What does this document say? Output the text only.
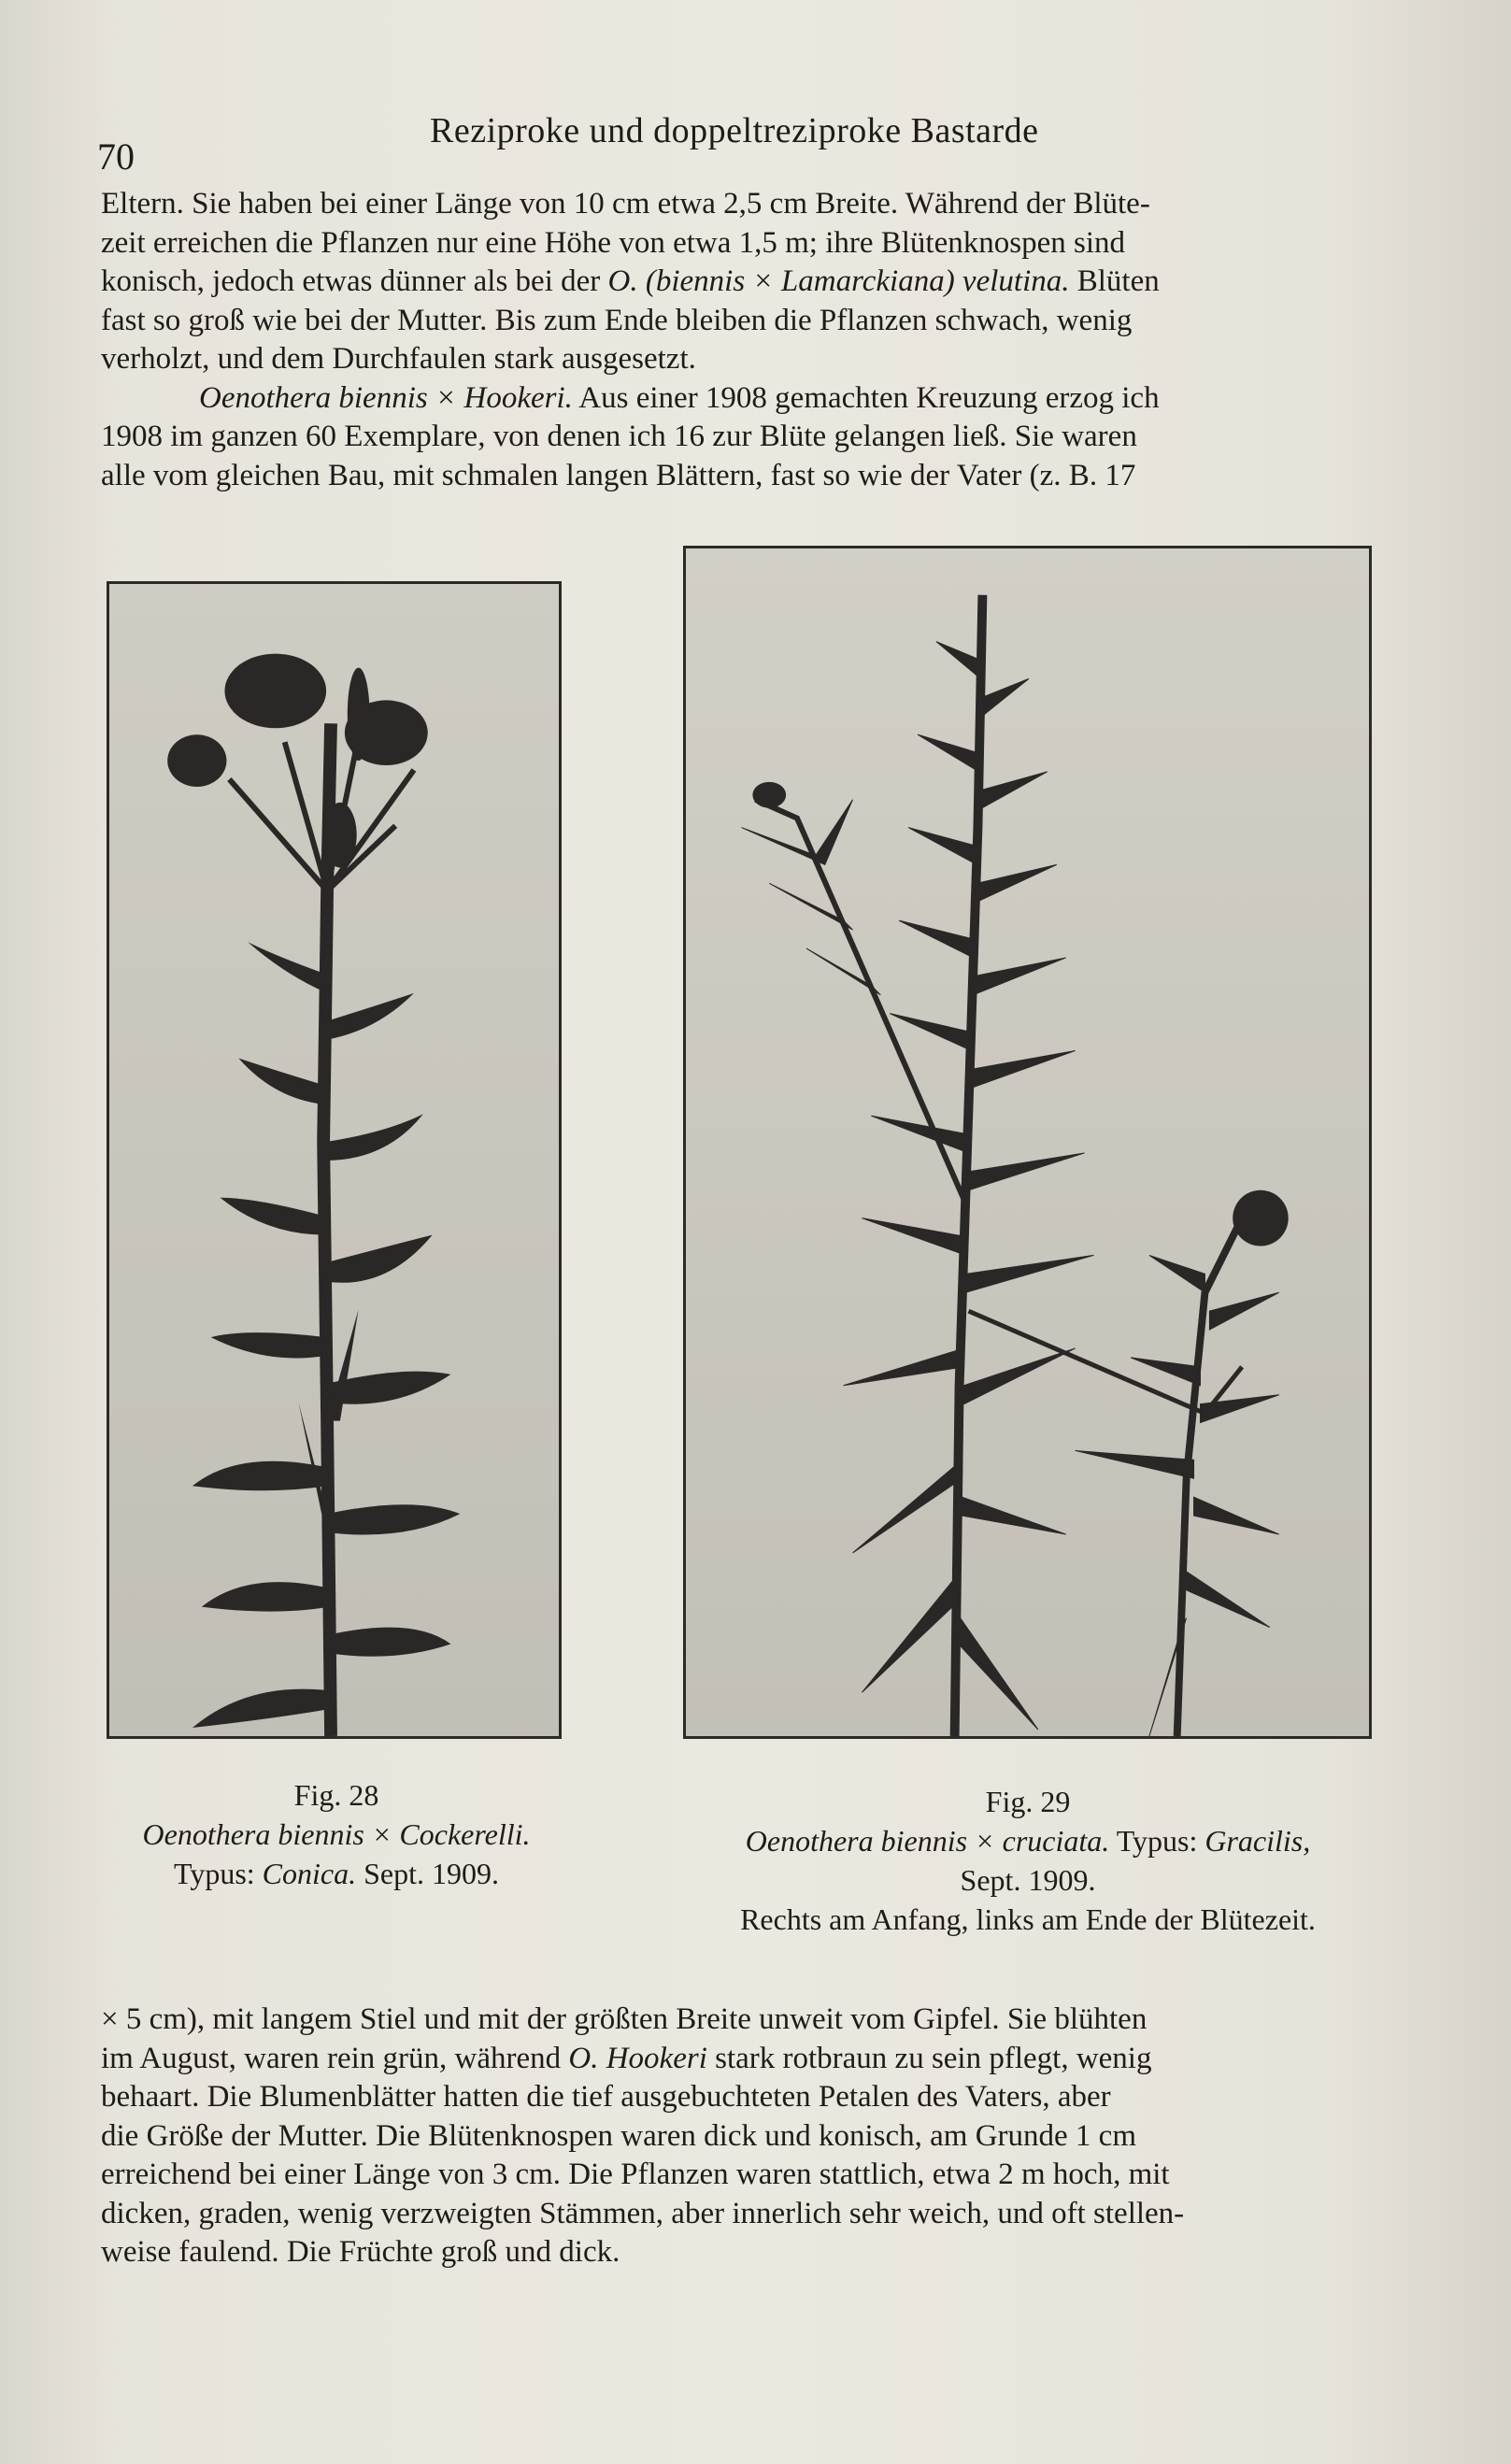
70
Reziproke und doppeltreziproke Bastarde

Eltern. Sie haben bei einer Länge von 10 cm etwa 2,5 cm Breite. Während der Blüte-

zeit erreichen die Pflanzen nur eine Höhe von etwa 1,5 m; ihre Blütenknospen sind

konisch, jedoch etwas dünner als bei der O. (biennis × Lamarckiana) velutina. Blüten

fast so groß wie bei der Mutter. Bis zum Ende bleiben die Pflanzen schwach, wenig

verholzt, und dem Durchfaulen stark ausgesetzt.

Oenothera biennis × Hookeri. Aus einer 1908 gemachten Kreuzung erzog ich

1908 im ganzen 60 Exemplare, von denen ich 16 zur Blüte gelangen ließ. Sie waren

alle vom gleichen Bau, mit schmalen langen Blättern, fast so wie der Vater (z. B. 17

Fig. 28
Oenothera biennis × Cockerelli.
Typus: Conica. Sept. 1909.
Fig. 29
Oenothera biennis × cruciata. Typus: Gracilis,
Sept. 1909.
Rechts am Anfang, links am Ende der Blütezeit.

× 5 cm), mit langem Stiel und mit der größten Breite unweit vom Gipfel. Sie blühten

im August, waren rein grün, während O. Hookeri stark rotbraun zu sein pflegt, wenig

behaart. Die Blumenblätter hatten die tief ausgebuchteten Petalen des Vaters, aber

die Größe der Mutter. Die Blütenknospen waren dick und konisch, am Grunde 1 cm

erreichend bei einer Länge von 3 cm. Die Pflanzen waren stattlich, etwa 2 m hoch, mit

dicken, graden, wenig verzweigten Stämmen, aber innerlich sehr weich, und oft stellen-

weise faulend. Die Früchte groß und dick.
